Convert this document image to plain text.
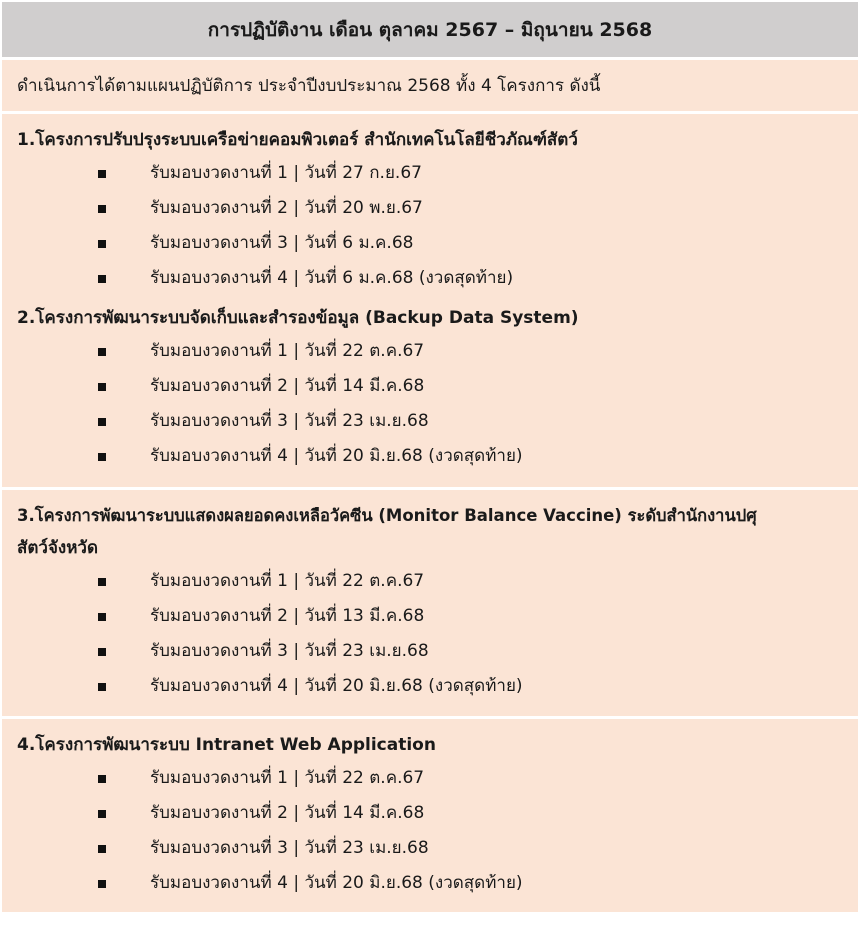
การปฏิบัติงาน เดือน ตุลาคม 2567 – มิถุนายน 2568
ดำเนินการได้ตามแผนปฏิบัติการ ประจำปีงบประมาณ 2568 ทั้ง 4 โครงการ ดังนี้
1.โครงการปรับปรุงระบบเครือข่ายคอมพิวเตอร์ สำนักเทคโนโลยีชีวภัณฑ์สัตว์
รับมอบงวดงานที่ 1 | วันที่ 27 ก.ย.67
รับมอบงวดงานที่ 2 | วันที่ 20 พ.ย.67
รับมอบงวดงานที่ 3 | วันที่ 6 ม.ค.68
รับมอบงวดงานที่ 4 | วันที่ 6 ม.ค.68 (งวดสุดท้าย)
2.โครงการพัฒนาระบบจัดเก็บและสำรองข้อมูล (Backup Data System)
รับมอบงวดงานที่ 1 | วันที่ 22 ต.ค.67
รับมอบงวดงานที่ 2 | วันที่ 14 มี.ค.68
รับมอบงวดงานที่ 3 | วันที่ 23 เม.ย.68
รับมอบงวดงานที่ 4 | วันที่ 20 มิ.ย.68 (งวดสุดท้าย)
3.โครงการพัฒนาระบบแสดงผลยอดคงเหลือวัคซีน (Monitor Balance Vaccine) ระดับสำนักงานปศุ
สัตว์จังหวัด
รับมอบงวดงานที่ 1 | วันที่ 22 ต.ค.67
รับมอบงวดงานที่ 2 | วันที่ 13 มี.ค.68
รับมอบงวดงานที่ 3 | วันที่ 23 เม.ย.68
รับมอบงวดงานที่ 4 | วันที่ 20 มิ.ย.68 (งวดสุดท้าย)
4.โครงการพัฒนาระบบ Intranet Web Application
รับมอบงวดงานที่ 1 | วันที่ 22 ต.ค.67
รับมอบงวดงานที่ 2 | วันที่ 14 มี.ค.68
รับมอบงวดงานที่ 3 | วันที่ 23 เม.ย.68
รับมอบงวดงานที่ 4 | วันที่ 20 มิ.ย.68 (งวดสุดท้าย)
